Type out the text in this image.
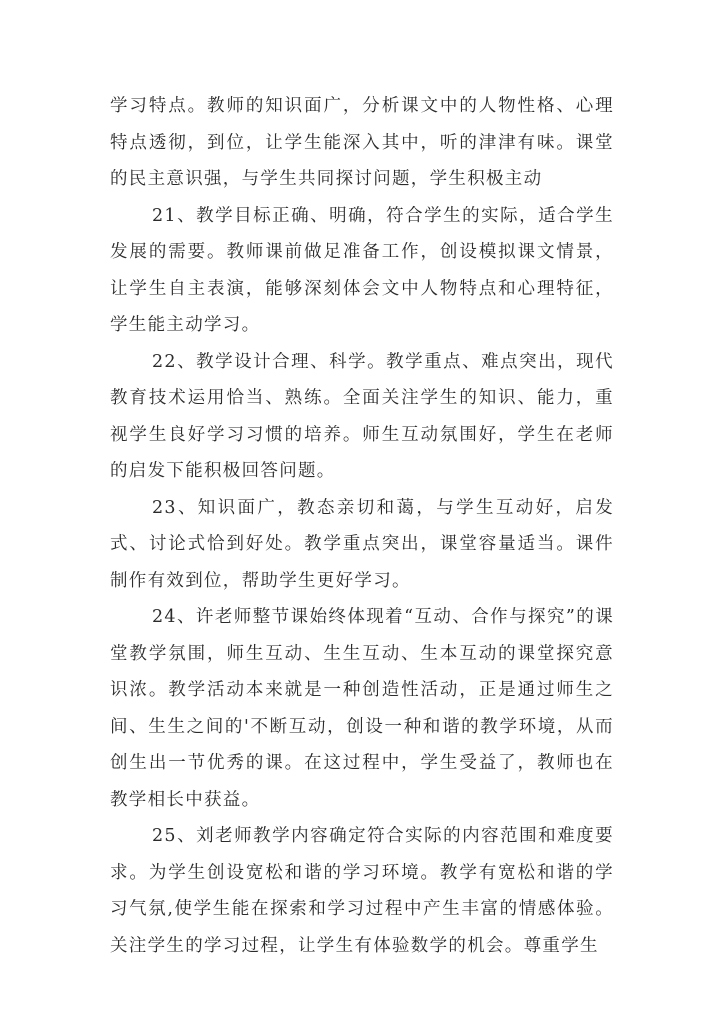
学习特点。教师的知识面广，分析课文中的人物性格、心理特点透彻，到位，让学生能深入其中，听的津津有味。课堂的民主意识强，与学生共同探讨问题，学生积极主动

21、教学目标正确、明确，符合学生的实际，适合学生发展的需要。教师课前做足准备工作，创设模拟课文情景，让学生自主表演，能够深刻体会文中人物特点和心理特征，学生能主动学习。

22、教学设计合理、科学。教学重点、难点突出，现代教育技术运用恰当、熟练。全面关注学生的知识、能力，重视学生良好学习习惯的培养。师生互动氛围好，学生在老师的启发下能积极回答问题。

23、知识面广，教态亲切和蔼，与学生互动好，启发式、讨论式恰到好处。教学重点突出，课堂容量适当。课件制作有效到位，帮助学生更好学习。

24、许老师整节课始终体现着“互动、合作与探究”的课堂教学氛围，师生互动、生生互动、生本互动的课堂探究意识浓。教学活动本来就是一种创造性活动，正是通过师生之间、生生之间的'不断互动，创设一种和谐的教学环境，从而创生出一节优秀的课。在这过程中，学生受益了，教师也在教学相长中获益。

25、刘老师教学内容确定符合实际的内容范围和难度要求。为学生创设宽松和谐的学习环境。教学有宽松和谐的学习气氛,使学生能在探索和学习过程中产生丰富的情感体验。关注学生的学习过程，让学生有体验数学的机会。尊重学生
